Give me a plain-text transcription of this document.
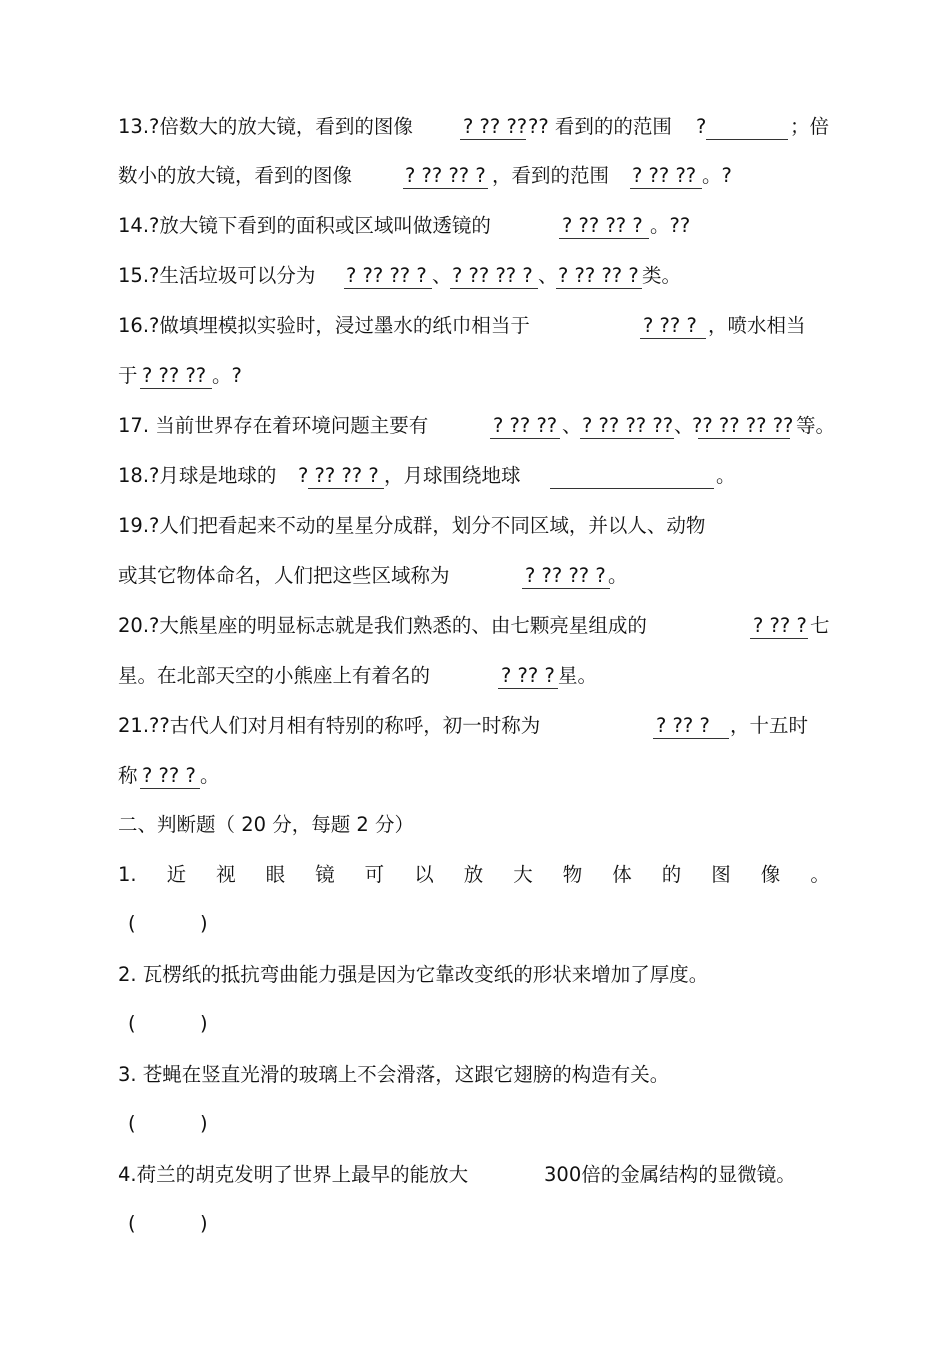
13.?倍数大的放大镜，看到的图像	? ?? ?? ?? 看到的的范围 ?	；倍
数小的放大镜，看到的图像	? ?? ?? ? ，看到的范围 ? ?? ?? 。?
14.?放大镜下看到的面积或区域叫做透镜的	? ?? ?? ? 。??
15.?生活垃圾可以分为 ? ?? ?? ? 、 ? ?? ?? ? 、 ? ?? ?? ? 类。
16.?做填埋模拟实验时，浸过墨水的纸巾相当于	? ?? ? ，喷水相当
于 ? ?? ?? 。?
17. 当前世界存在着环境问题主要有	? ?? ?? 、 ? ?? ?? ?? 、
?? ?? ?? ?? 等。
18.?月球是地球的 ? ?? ?? ? ，月球围绕地球	。
19.?人们把看起来不动的星星分成群，划分不同区域，并以人、动物
或其它物体命名，人们把这些区域称为	? ?? ?? ? 。
20.?大熊星座的明显标志就是我们熟悉的、由七颗亮星组成的	? ?? ? 七
星。在北部天空的小熊座上有着名的	? ?? ? 星。
21.??古代人们对月相有特别的称呼，初一时称为	? ?? ? ，十五时
称 ? ?? ? 。
二、判断题（ 20 分，每题 2 分）
1. 近 视 眼 镜 可 以 放 大 物 体 的 图 像 。
(	)
2. 瓦楞纸的抵抗弯曲能力强是因为它靠改变纸的形状来增加了厚度。
(	)
3. 苍蝇在竖直光滑的玻璃上不会滑落，这跟它翅膀的构造有关。
(	)
4.荷兰的胡克发明了世界上最早的能放大	300倍的金属结构的显微镜。
(	)
